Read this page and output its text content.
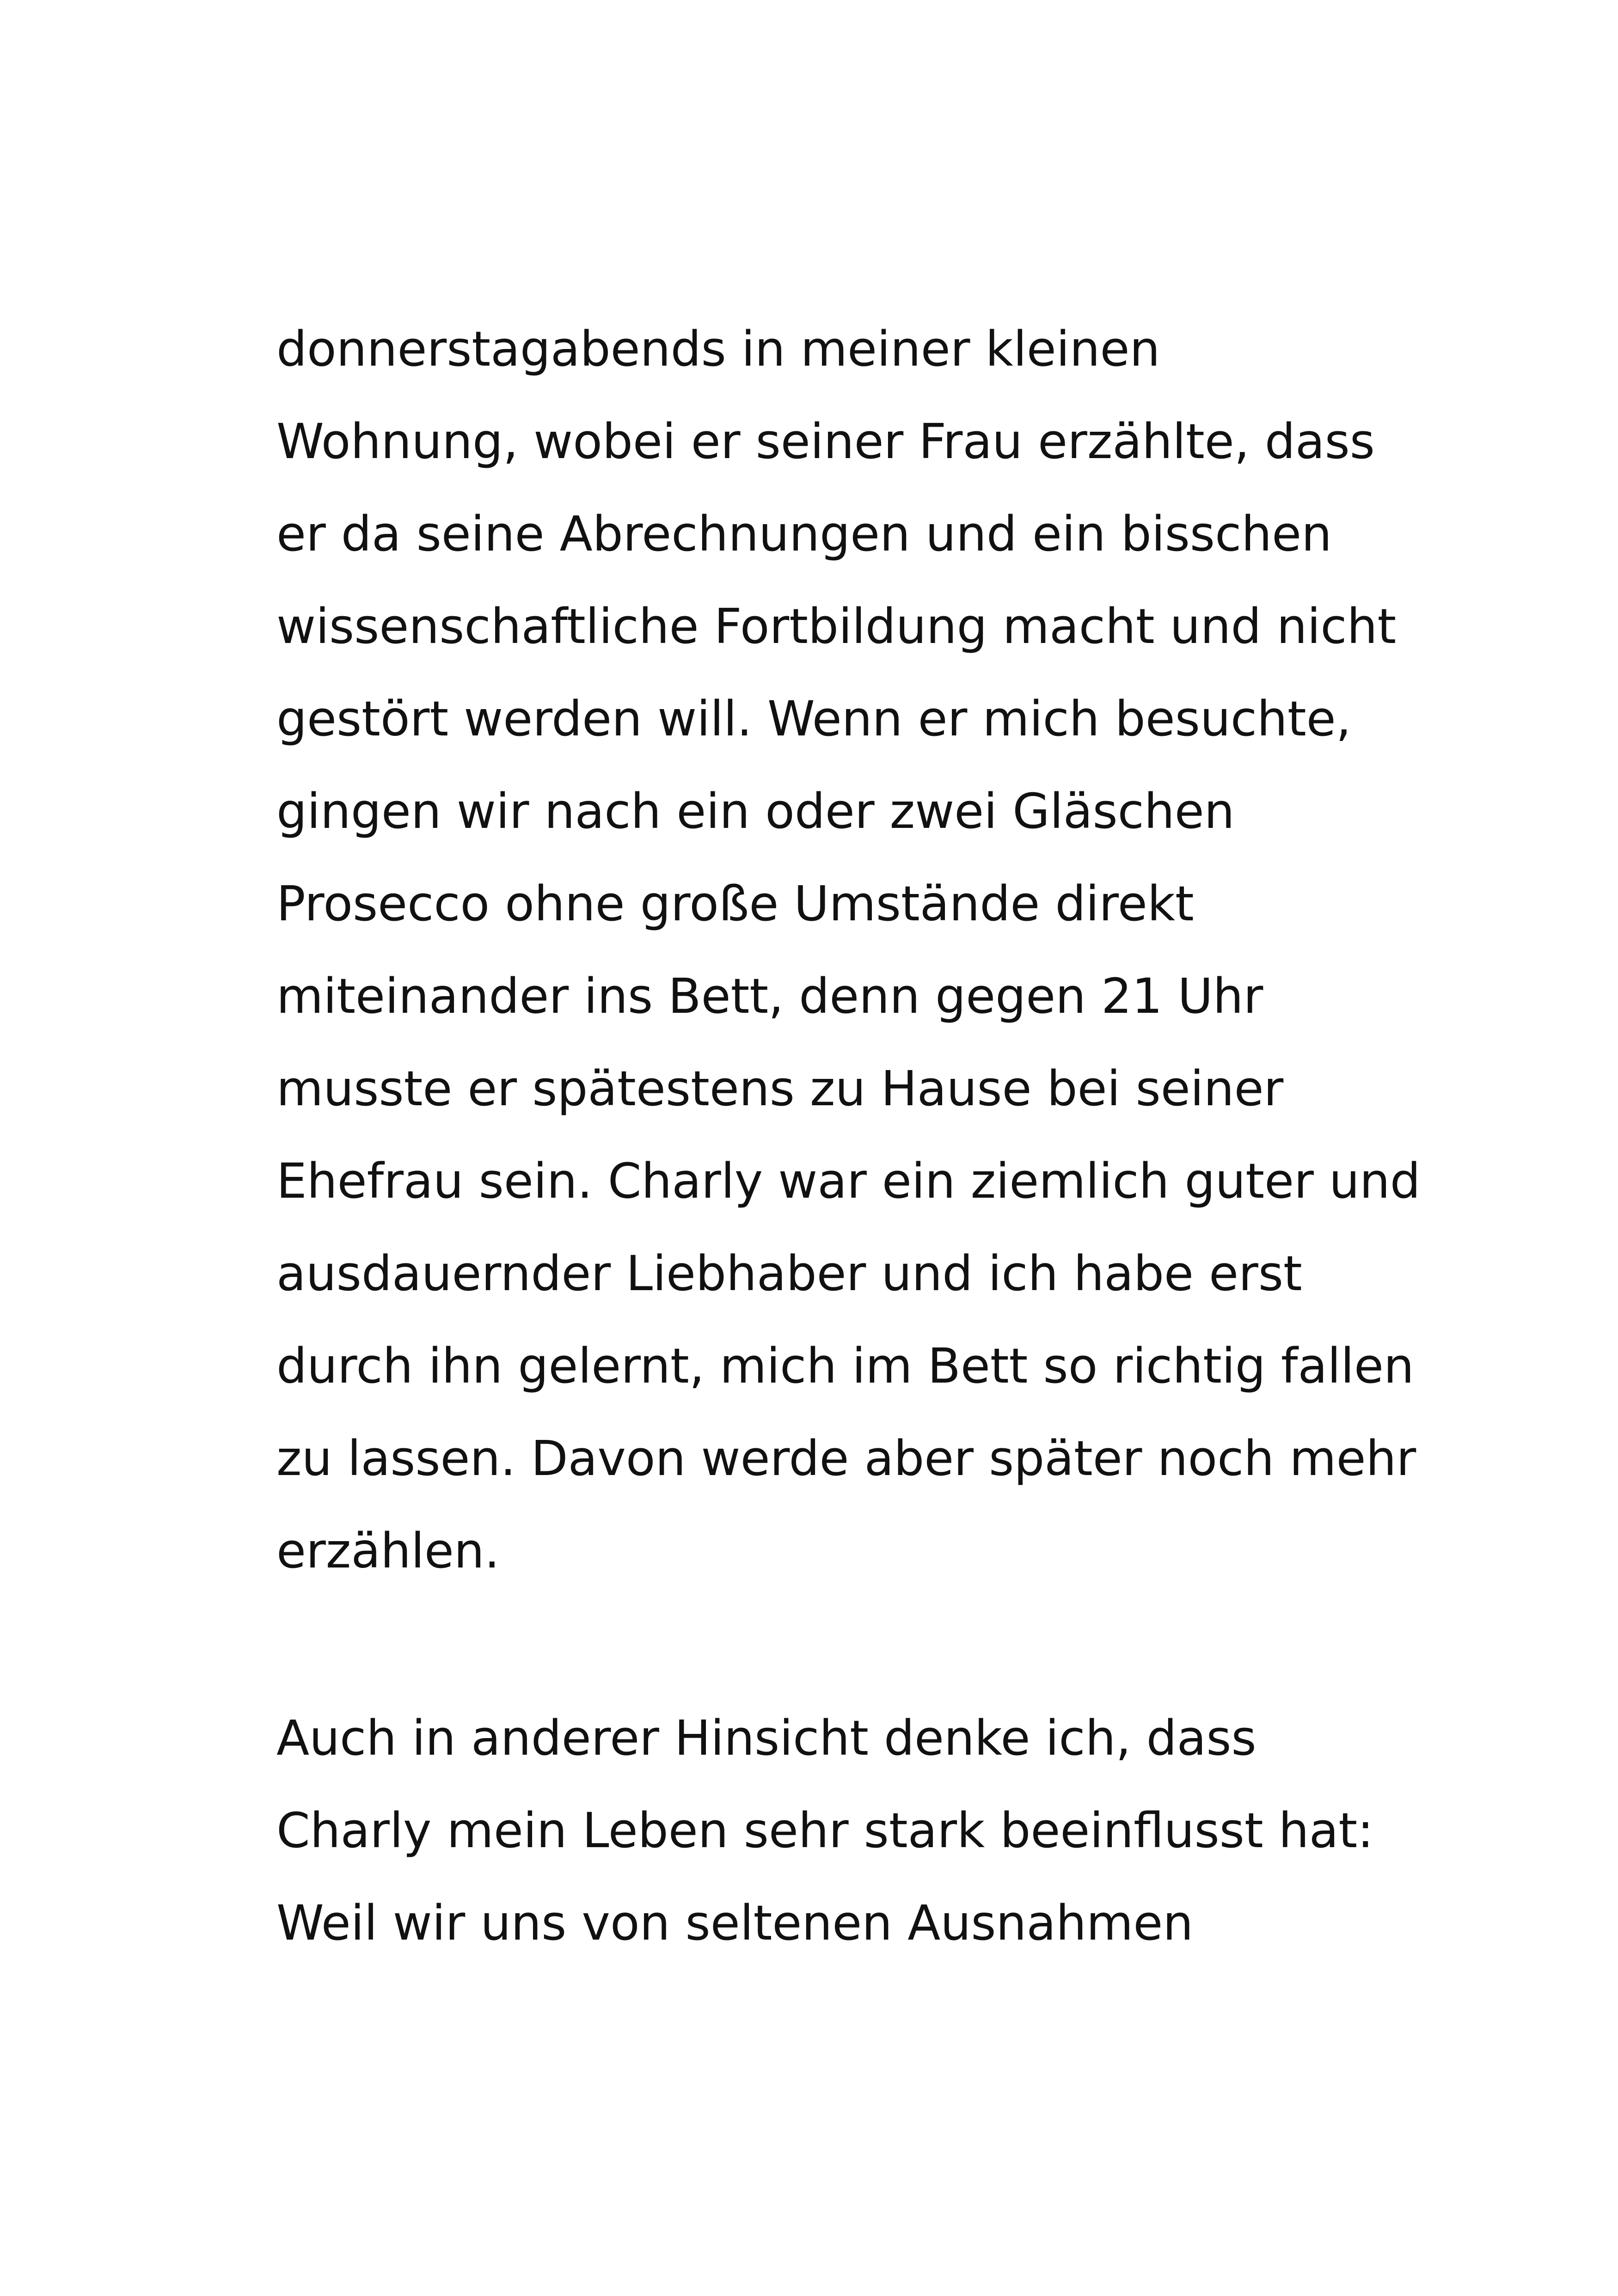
donnerstagabends in meiner kleinen
Wohnung, wobei er seiner Frau erzählte, dass
er da seine Abrechnungen und ein bisschen
wissenschaftliche Fortbildung macht und nicht
gestört werden will. Wenn er mich besuchte,
gingen wir nach ein oder zwei Gläschen
Prosecco ohne große Umstände direkt
miteinander ins Bett, denn gegen 21 Uhr
musste er spätestens zu Hause bei seiner
Ehefrau sein. Charly war ein ziemlich guter und
ausdauernder Liebhaber und ich habe erst
durch ihn gelernt, mich im Bett so richtig fallen
zu lassen. Davon werde aber später noch mehr
erzählen.
Auch in anderer Hinsicht denke ich, dass
Charly mein Leben sehr stark beeinflusst hat:
Weil wir uns von seltenen Ausnahmen
